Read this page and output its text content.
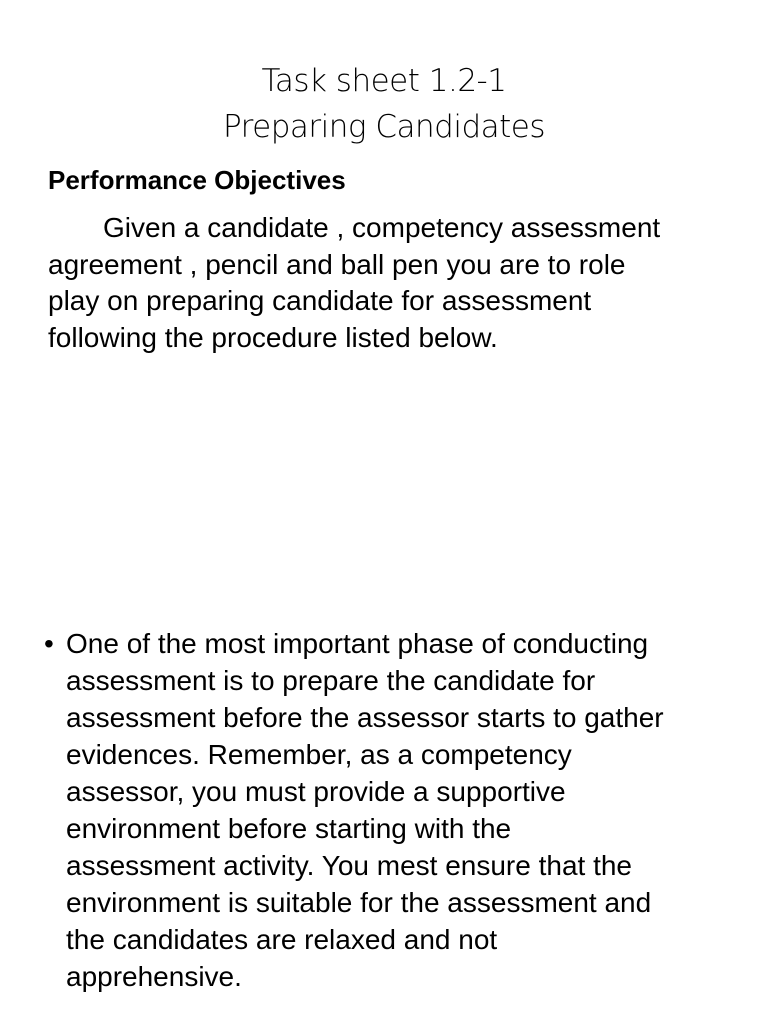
Task sheet 1.2-1
Preparing Candidates
Performance Objectives
Given a candidate , competency assessment
agreement , pencil and ball pen you are to role
play on preparing candidate for assessment
following the procedure listed below.
• One of the most important phase of conducting
assessment is to prepare the candidate for
assessment before the assessor starts to gather
evidences. Remember, as a competency
assessor, you must provide a supportive
environment before starting with the
assessment activity. You mest ensure that the
environment is suitable for the assessment and
the candidates are relaxed and not
apprehensive.
